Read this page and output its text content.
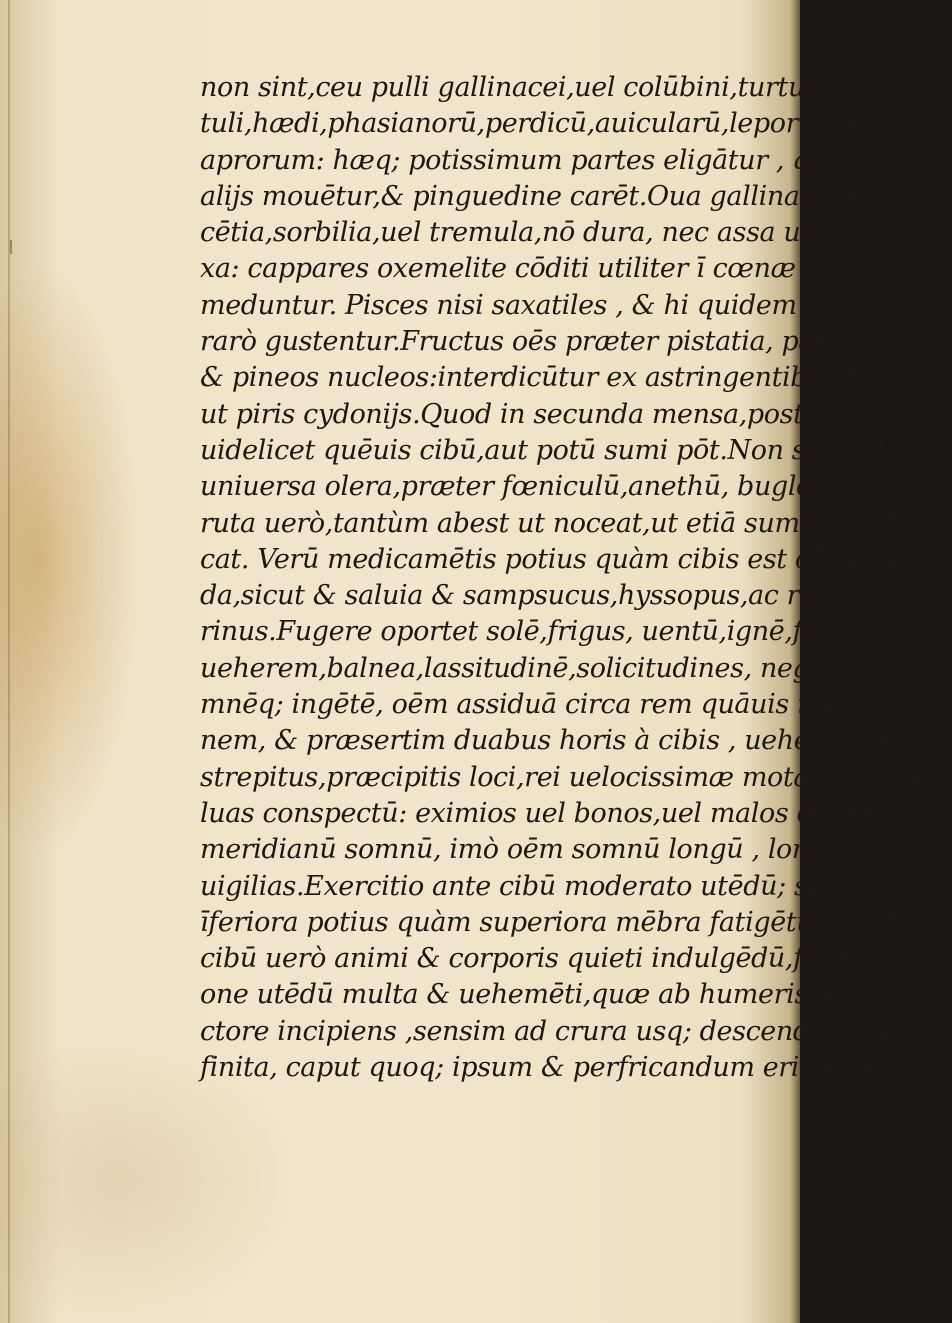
non sint,ceu pulli gallinacei,uel colūbini,turturis,uia
tuli,hædi,phasianorū,perdicū,auicularū,leporum&
aprorum: hæq; potissimum partes eligātur , quæ præ
alijs mouētur,& pinguedine carēt.Oua gallinarū re-
cētia,sorbilia,uel tremula,nō dura, nec assa uel fri-
xa: cappares oxemelite cōditi utiliter ī cœnæ initio co
meduntur. Pisces nisi saxatiles , & hi quidem nō nisi
rarò gustentur.Fructus oēs præter pistatia, passulas,
& pineos nucleos:interdicūtur ex astringentibus tū,
ut piris cydonijs.Quod in secunda mensa,post alium
uidelicet quēuis cibū,aut potū sumi pōt.Non secus &
uniuersa olera,præter fœniculū,anethū, buglossum.
ruta uerò,tantùm abest ut noceat,ut etiā summè cōdu
cat. Verū medicamētis potius quàm cibis est cōnumerā
da,sicut & saluia & sampsucus,hyssopus,ac ros ma-
rinus.Fugere oportet solē,frigus, uentū,ignē,fumū,
ueherem,balnea,lassitudinē,solicitudines, negocia,o-
mnēq; ingētē, oēm assiduā circa rem quāuis meditatio
nem, & præsertim duabus horis à cibis , uehementes
strepitus,præcipitis loci,rei uelocissimæ motæ magnæq;
luas conspectū: eximios uel bonos,uel malos odores,
meridianū somnū, imò oēm somnū longū , longásq;
uigilias.Exercitio ante cibū moderato utēdū; sed quo
īferiora potius quàm superiora mēbra fatigētur. Post
cibū uerò animi & corporis quieti indulgēdū,fricti-
one utēdū multa & uehemēti,quæ ab humeris & pe-
ctore incipiens ,sensim ad crura usq; descendat. Qua
finita, caput quoq; ipsum & perfricandum erit,& pe
